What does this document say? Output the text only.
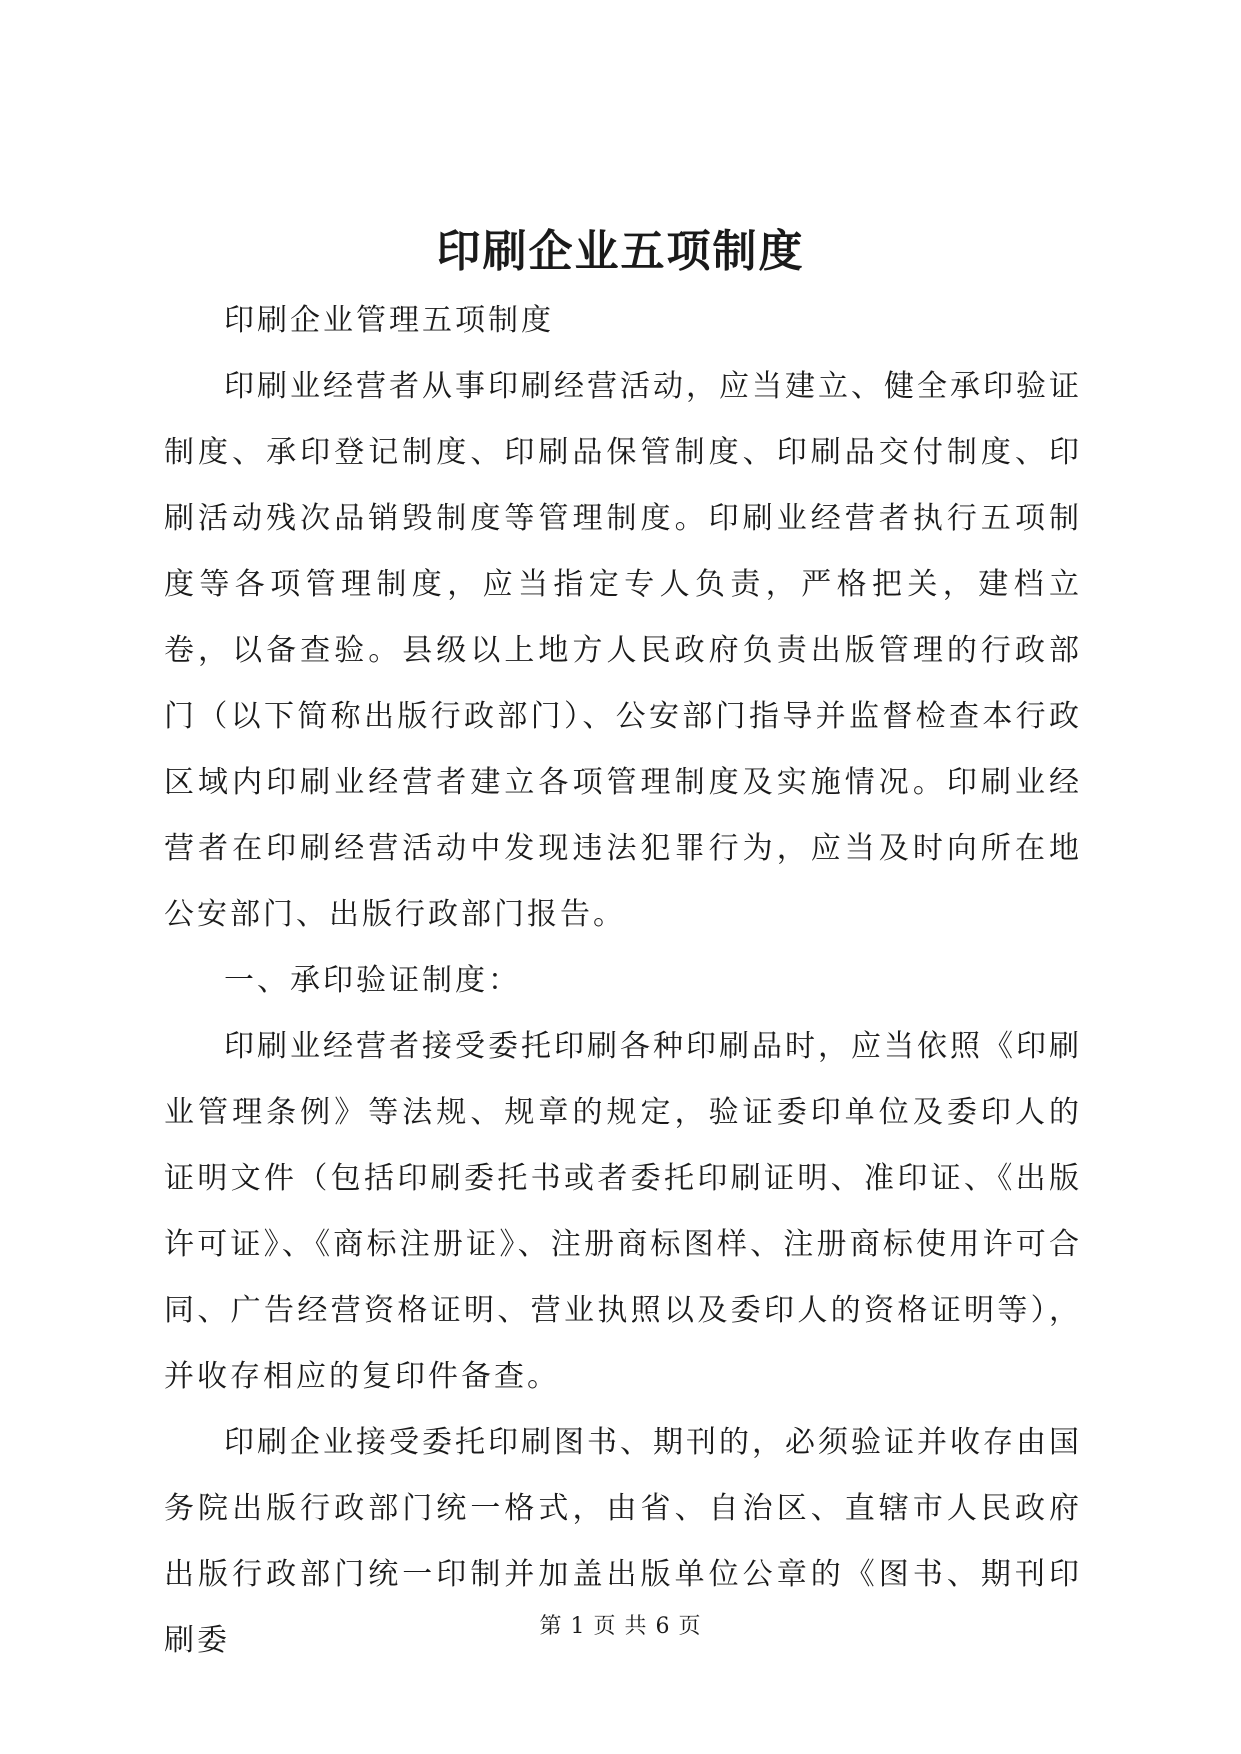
印刷企业五项制度

印刷企业管理五项制度

印刷业经营者从事印刷经营活动，应当建立、健全承印验证制度、承印登记制度、印刷品保管制度、印刷品交付制度、印刷活动残次品销毁制度等管理制度。印刷业经营者执行五项制度等各项管理制度，应当指定专人负责，严格把关，建档立卷，以备查验。县级以上地方人民政府负责出版管理的行政部门（以下简称出版行政部门）、公安部门指导并监督检查本行政区域内印刷业经营者建立各项管理制度及实施情况。印刷业经营者在印刷经营活动中发现违法犯罪行为，应当及时向所在地公安部门、出版行政部门报告。

一、承印验证制度：

印刷业经营者接受委托印刷各种印刷品时，应当依照《印刷业管理条例》等法规、规章的规定，验证委印单位及委印人的证明文件（包括印刷委托书或者委托印刷证明、准印证、《出版许可证》、《商标注册证》、注册商标图样、注册商标使用许可合同、广告经营资格证明、营业执照以及委印人的资格证明等），并收存相应的复印件备查。

印刷企业接受委托印刷图书、期刊的，必须验证并收存由国务院出版行政部门统一格式，由省、自治区、直辖市人民政府出版行政部门统一印制并加盖出版单位公章的《图书、期刊印刷委	第 1 页 共 6 页
